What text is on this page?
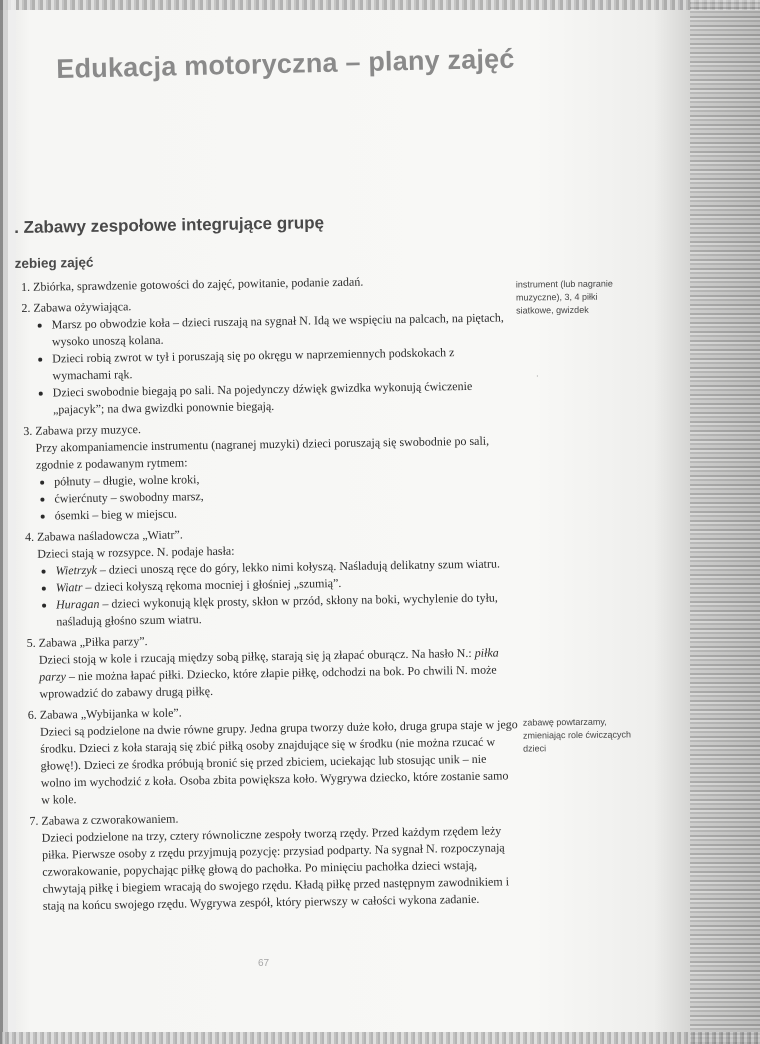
Edukacja motoryczna – plany zajęć
. Zabawy zespołowe integrujące grupę
zebieg zajęć
1. Zbiórka, sprawdzenie gotowości do zajęć, powitanie, podanie zadań.
2. Zabawa ożywiająca.
• Marsz po obwodzie koła – dzieci ruszają na sygnał N. Idą we wspięciu na palcach, na piętach, wysoko unoszą kolana.
• Dzieci robią zwrot w tył i poruszają się po okręgu w naprzemiennych podskokach z wymachami rąk.
• Dzieci swobodnie biegają po sali. Na pojedynczy dźwięk gwizdka wykonują ćwiczenie „pajacyk”; na dwa gwizdki ponownie biegają.
3. Zabawa przy muzyce.
Przy akompaniamencie instrumentu (nagranej muzyki) dzieci poruszają się swobodnie po sali, zgodnie z podawanym rytmem:
• półnuty – długie, wolne kroki,
• ćwierćnuty – swobodny marsz,
• ósemki – bieg w miejscu.
4. Zabawa naśladowcza „Wiatr”.
Dzieci stają w rozsypce. N. podaje hasła:
• Wietrzyk – dzieci unoszą ręce do góry, lekko nimi kołyszą. Naśladują delikatny szum wiatru.
• Wiatr – dzieci kołyszą rękoma mocniej i głośniej „szumią”.
• Huragan – dzieci wykonują klęk prosty, skłon w przód, skłony na boki, wychylenie do tyłu, naśladują głośno szum wiatru.
5. Zabawa „Piłka parzy”.
Dzieci stoją w kole i rzucają między sobą piłkę, starają się ją złapać oburącz. Na hasło N.: piłka parzy – nie można łapać piłki. Dziecko, które złapie piłkę, odchodzi na bok. Po chwili N. może wprowadzić do zabawy drugą piłkę.
6. Zabawa „Wybijanka w kole”.
Dzieci są podzielone na dwie równe grupy. Jedna grupa tworzy duże koło, druga grupa staje w jego środku. Dzieci z koła starają się zbić piłką osoby znajdujące się w środku (nie można rzucać w głowę!). Dzieci ze środka próbują bronić się przed zbiciem, uciekając lub stosując unik – nie wolno im wychodzić z koła. Osoba zbita powiększa koło. Wygrywa dziecko, które zostanie samo w kole.
7. Zabawa z czworakowaniem.
Dzieci podzielone na trzy, cztery równoliczne zespoły tworzą rzędy. Przed każdym rzędem leży piłka. Pierwsze osoby z rzędu przyjmują pozycję: przysiad podparty. Na sygnał N. rozpoczynają czworakowanie, popychając piłkę głową do pachołka. Po minięciu pachołka dzieci wstają, chwytają piłkę i biegiem wracają do swojego rzędu. Kładą piłkę przed następnym zawodnikiem i stają na końcu swojego rzędu. Wygrywa zespół, który pierwszy w całości wykona zadanie.
instrument (lub nagranie muzyczne), 3, 4 piłki siatkowe, gwizdek
·
zabawę powtarzamy, zmieniając role ćwiczących dzieci
67
